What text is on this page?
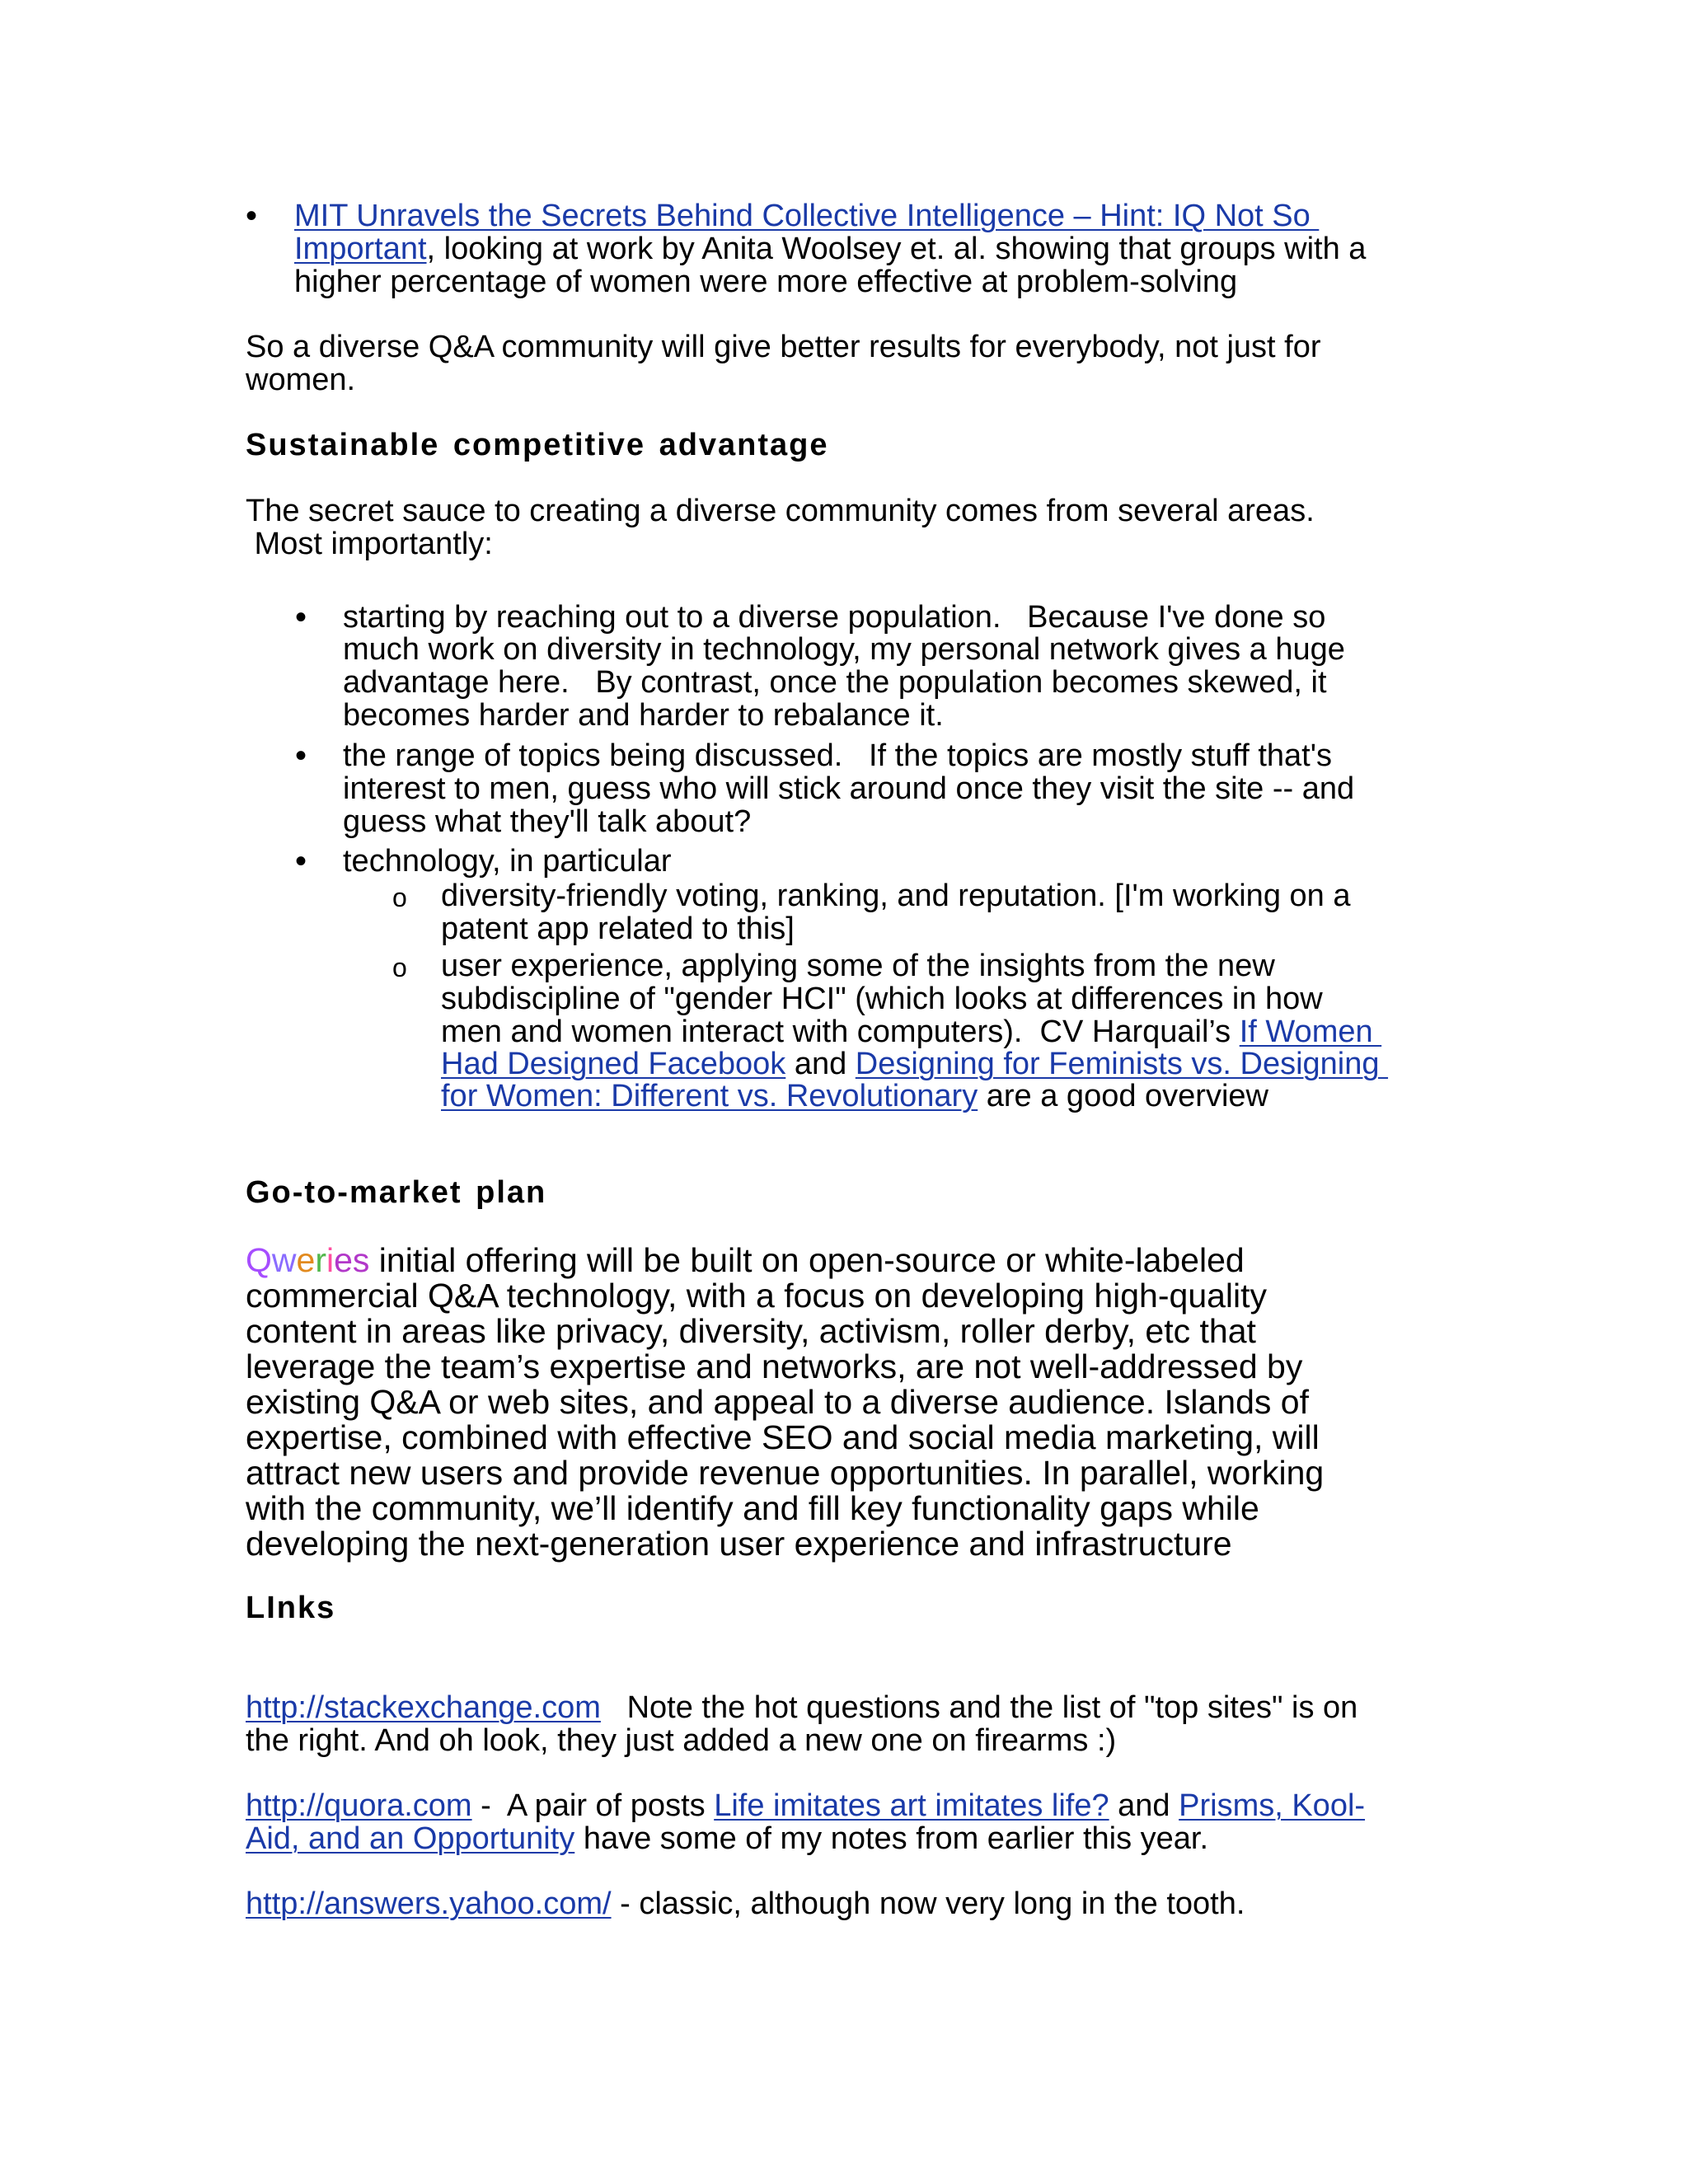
• MIT Unravels the Secrets Behind Collective Intelligence – Hint: IQ Not So

Important, looking at work by Anita Woolsey et. al. showing that groups with a

higher percentage of women were more effective at problem-solving

So a diverse Q&A community will give better results for everybody, not just for

women.

Sustainable competitive advantage

The secret sauce to creating a diverse community comes from several areas.

Most importantly:

• starting by reaching out to a diverse population.   Because I've done so

much work on diversity in technology, my personal network gives a huge

advantage here.   By contrast, once the population becomes skewed, it

becomes harder and harder to rebalance it.

• the range of topics being discussed.   If the topics are mostly stuff that's

interest to men, guess who will stick around once they visit the site -- and

guess what they'll talk about?

• technology, in particular

o diversity-friendly voting, ranking, and reputation. [I'm working on a

patent app related to this]

o user experience, applying some of the insights from the new

subdiscipline of "gender HCI" (which looks at differences in how

men and women interact with computers).  CV Harquail’s If Women

Had Designed Facebook and Designing for Feminists vs. Designing

for Women: Different vs. Revolutionary are a good overview

Go-to-market plan

Qweries initial offering will be built on open-source or white-labeled

commercial Q&A technology, with a focus on developing high-quality

content in areas like privacy, diversity, activism, roller derby, etc that

leverage the team’s expertise and networks, are not well-addressed by

existing Q&A or web sites, and appeal to a diverse audience. Islands of

expertise, combined with effective SEO and social media marketing, will

attract new users and provide revenue opportunities. In parallel, working

with the community, we’ll identify and fill key functionality gaps while

developing the next-generation user experience and infrastructure

LInks

http://stackexchange.com   Note the hot questions and the list of "top sites" is on

the right. And oh look, they just added a new one on firearms :)

http://quora.com -  A pair of posts Life imitates art imitates life? and Prisms, Kool-

Aid, and an Opportunity have some of my notes from earlier this year.

http://answers.yahoo.com/ - classic, although now very long in the tooth.
